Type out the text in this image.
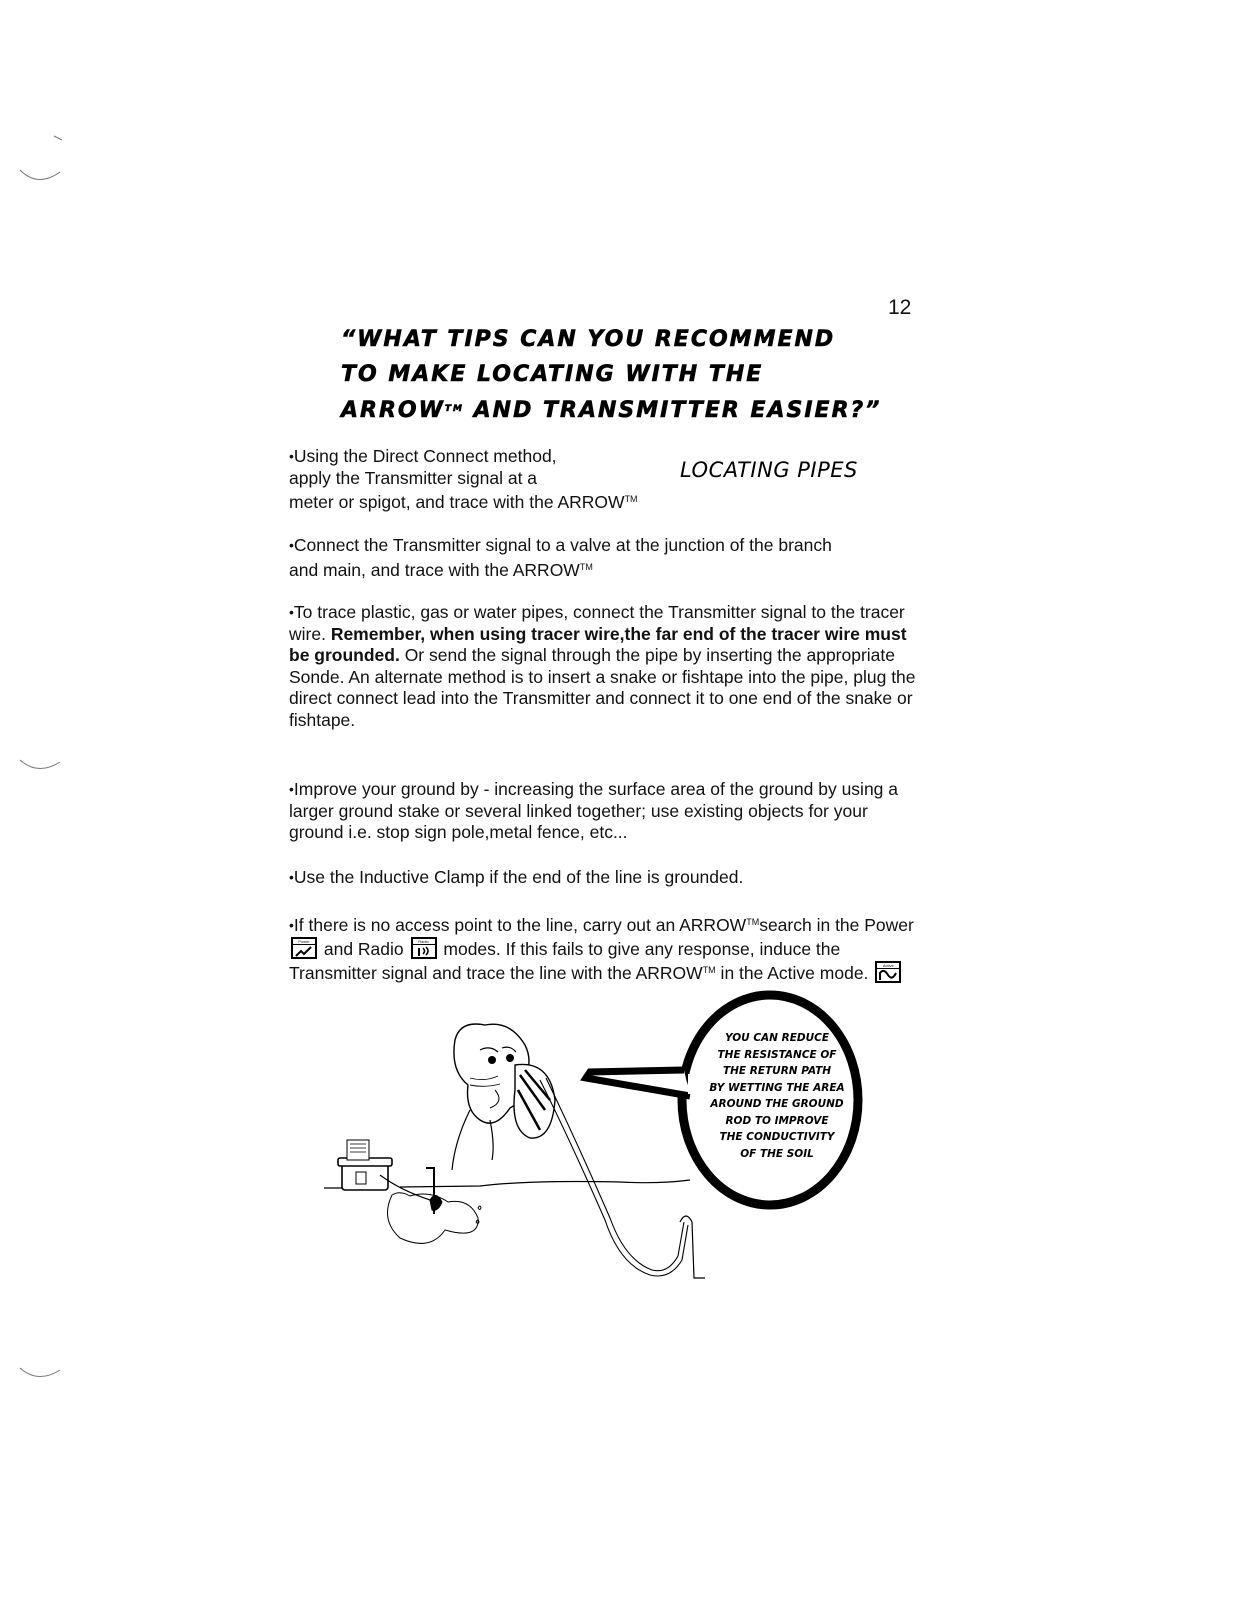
12
“WHAT TIPS CAN YOU RECOMMEND
TO MAKE LOCATING WITH THE
ARROW™ AND TRANSMITTER EASIER?”
LOCATING PIPES
•Using the Direct Connect method,
apply the Transmitter signal at a
meter or spigot, and trace with the ARROW™
•Connect the Transmitter signal to a valve at the junction of the branch and main, and trace with the ARROW™
•To trace plastic, gas or water pipes, connect the Transmitter signal to the tracer wire. Remember, when using tracer wire,the far end of the tracer wire must be grounded. Or send the signal through the pipe by inserting the appropriate Sonde. An alternate method is to insert a snake or fishtape into the pipe, plug the direct connect lead into the Transmitter and connect it to one end of the snake or fishtape.
•Improve your ground by - increasing the surface area of the ground by using a larger ground stake or several linked together; use existing objects for your ground i.e. stop sign pole,metal fence, etc...
•Use the Inductive Clamp if the end of the line is grounded.
•If there is no access point to the line, carry out an ARROW™search in the Power
Power and Radio	Radio modes. If this fails to give any response, induce the Transmitter signal and trace the line with the ARROW™ in the Active mode.	Active
YOU CAN REDUCE
THE RESISTANCE OF
THE RETURN PATH
BY WETTING THE AREA
AROUND THE GROUND
ROD TO IMPROVE
THE CONDUCTIVITY
OF THE SOIL
